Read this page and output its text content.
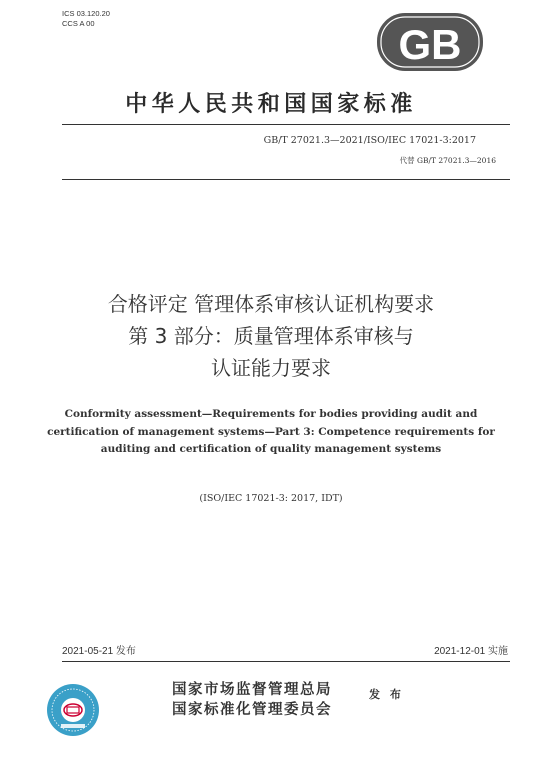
ICS 03.120.20
CCS A 00	GB
中华人民共和国国家标准
GB/T 27021.3—2021/ISO/IEC 17021-3:2017
代替 GB/T 27021.3—2016
合格评定 管理体系审核认证机构要求
第 3 部分：质量管理体系审核与
认证能力要求
Conformity assessment—Requirements for bodies providing audit and
certification of management systems—Part 3: Competence requirements for
auditing and certification of quality management systems
(ISO/IEC 17021-3: 2017, IDT)
2021-05-21 发布	2021-12-01 实施
国家市场监督管理总局
国家标准化管理委员会
发 布
